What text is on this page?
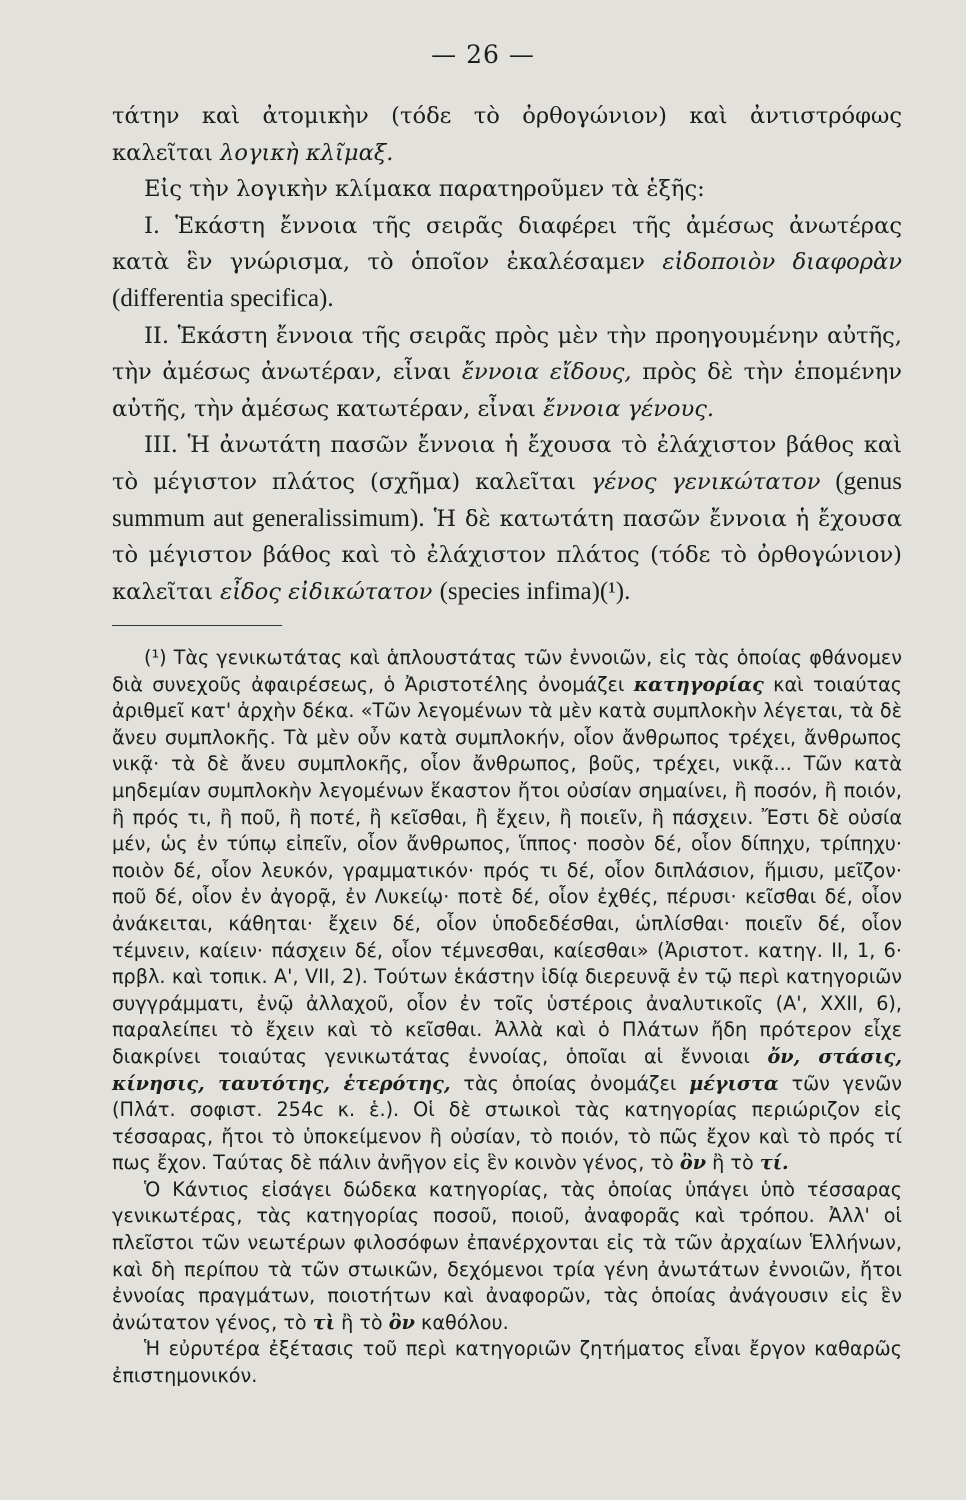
— 26 —

τάτην καὶ ἀτομικὴν (τόδε τὸ ὀρθογώνιον) καὶ ἀντιστρόφως καλεῖται λογικὴ κλῖμαξ.

Εἰς τὴν λογικὴν κλίμακα παρατηροῦμεν τὰ ἑξῆς:

I. Ἑκάστη ἔννοια τῆς σειρᾶς διαφέρει τῆς ἀμέσως ἀνωτέρας κατὰ ἓν γνώρισμα, τὸ ὁποῖον ἐκαλέσαμεν εἰδοποιὸν διαφορὰν (differentia specifica).

II. Ἑκάστη ἔννοια τῆς σειρᾶς πρὸς μὲν τὴν προηγουμένην αὐτῆς, τὴν ἀμέσως ἀνωτέραν, εἶναι ἔννοια εἴδους, πρὸς δὲ τὴν ἑπομένην αὐτῆς, τὴν ἀμέσως κατωτέραν, εἶναι ἔννοια γένους.

III. Ἡ ἀνωτάτη πασῶν ἔννοια ἡ ἔχουσα τὸ ἐλάχιστον βάθος καὶ τὸ μέγιστον πλάτος (σχῆμα) καλεῖται γένος γενικώτατον (genus summum aut generalissimum). Ἡ δὲ κατωτάτη πασῶν ἔννοια ἡ ἔχουσα τὸ μέγιστον βάθος καὶ τὸ ἐλάχιστον πλάτος (τόδε τὸ ὀρθογώνιον) καλεῖται εἶδος εἰδικώτατον (species infima)(¹).

(¹) Τὰς γενικωτάτας καὶ ἁπλουστάτας τῶν ἐννοιῶν, εἰς τὰς ὁποίας φθάνομεν διὰ συνεχοῦς ἀφαιρέσεως, ὁ Ἀριστοτέλης ὀνομάζει κατηγορίας καὶ τοιαύτας ἀριθμεῖ κατ' ἀρχὴν δέκα. «Τῶν λεγομένων τὰ μὲν κατὰ συμπλοκὴν λέγεται, τὰ δὲ ἄνευ συμπλοκῆς. Τὰ μὲν οὖν κατὰ συμπλοκήν, οἷον ἄνθρωπος τρέχει, ἄνθρωπος νικᾷ· τὰ δὲ ἄνευ συμπλοκῆς, οἷον ἄνθρωπος, βοῦς, τρέχει, νικᾷ... Τῶν κατὰ μηδεμίαν συμπλοκὴν λεγομένων ἕκαστον ἤτοι οὐσίαν σημαίνει, ἢ ποσόν, ἢ ποιόν, ἢ πρός τι, ἢ ποῦ, ἢ ποτέ, ἢ κεῖσθαι, ἢ ἔχειν, ἢ ποιεῖν, ἢ πάσχειν. Ἔστι δὲ οὐσία μέν, ὡς ἐν τύπῳ εἰπεῖν, οἷον ἄνθρωπος, ἵππος· ποσὸν δέ, οἷον δίπηχυ, τρίπηχυ· ποιὸν δέ, οἷον λευκόν, γραμματικόν· πρός τι δέ, οἷον διπλάσιον, ἥμισυ, μεῖζον· ποῦ δέ, οἷον ἐν ἀγορᾷ, ἐν Λυκείῳ· ποτὲ δέ, οἷον ἐχθές, πέρυσι· κεῖσθαι δέ, οἷον ἀνάκειται, κάθηται· ἔχειν δέ, οἷον ὑποδεδέσθαι, ὡπλίσθαι· ποιεῖν δέ, οἷον τέμνειν, καίειν· πάσχειν δέ, οἷον τέμνεσθαι, καίεσθαι» (Ἀριστοτ. κατηγ. II, 1, 6· πρβλ. καὶ τοπικ. Α', VII, 2). Τούτων ἑκάστην ἰδίᾳ διερευνᾷ ἐν τῷ περὶ κατηγοριῶν συγγράμματι, ἐνῷ ἀλλαχοῦ, οἷον ἐν τοῖς ὑστέροις ἀναλυτικοῖς (Α', XXII, 6), παραλείπει τὸ ἔχειν καὶ τὸ κεῖσθαι. Ἀλλὰ καὶ ὁ Πλάτων ἤδη πρότερον εἶχε διακρίνει τοιαύτας γενικωτάτας ἐννοίας, ὁποῖαι αἱ ἔννοιαι ὄν, στάσις, κίνησις, ταυτότης, ἑτερότης, τὰς ὁποίας ὀνομάζει μέγιστα τῶν γενῶν (Πλάτ. σοφιστ. 254c κ. ἑ.). Οἱ δὲ στωικοὶ τὰς κατηγορίας περιώριζον εἰς τέσσαρας, ἤτοι τὸ ὑποκείμενον ἢ οὐσίαν, τὸ ποιόν, τὸ πῶς ἔχον καὶ τὸ πρός τί πως ἔχον. Ταύτας δὲ πάλιν ἀνῆγον εἰς ἓν κοινὸν γένος, τὸ ὂν ἢ τὸ τί.

Ὁ Κάντιος εἰσάγει δώδεκα κατηγορίας, τὰς ὁποίας ὑπάγει ὑπὸ τέσσαρας γενικωτέρας, τὰς κατηγορίας ποσοῦ, ποιοῦ, ἀναφορᾶς καὶ τρόπου. Ἀλλ' οἱ πλεῖστοι τῶν νεωτέρων φιλοσόφων ἐπανέρχονται εἰς τὰ τῶν ἀρχαίων Ἑλλήνων, καὶ δὴ περίπου τὰ τῶν στωικῶν, δεχόμενοι τρία γένη ἀνωτάτων ἐννοιῶν, ἤτοι ἐννοίας πραγμάτων, ποιοτήτων καὶ ἀναφορῶν, τὰς ὁποίας ἀνάγουσιν εἰς ἓν ἀνώτατον γένος, τὸ τὶ ἢ τὸ ὂν καθόλου.

Ἡ εὐρυτέρα ἐξέτασις τοῦ περὶ κατηγοριῶν ζητήματος εἶναι ἔργον καθαρῶς ἐπιστημονικόν.
